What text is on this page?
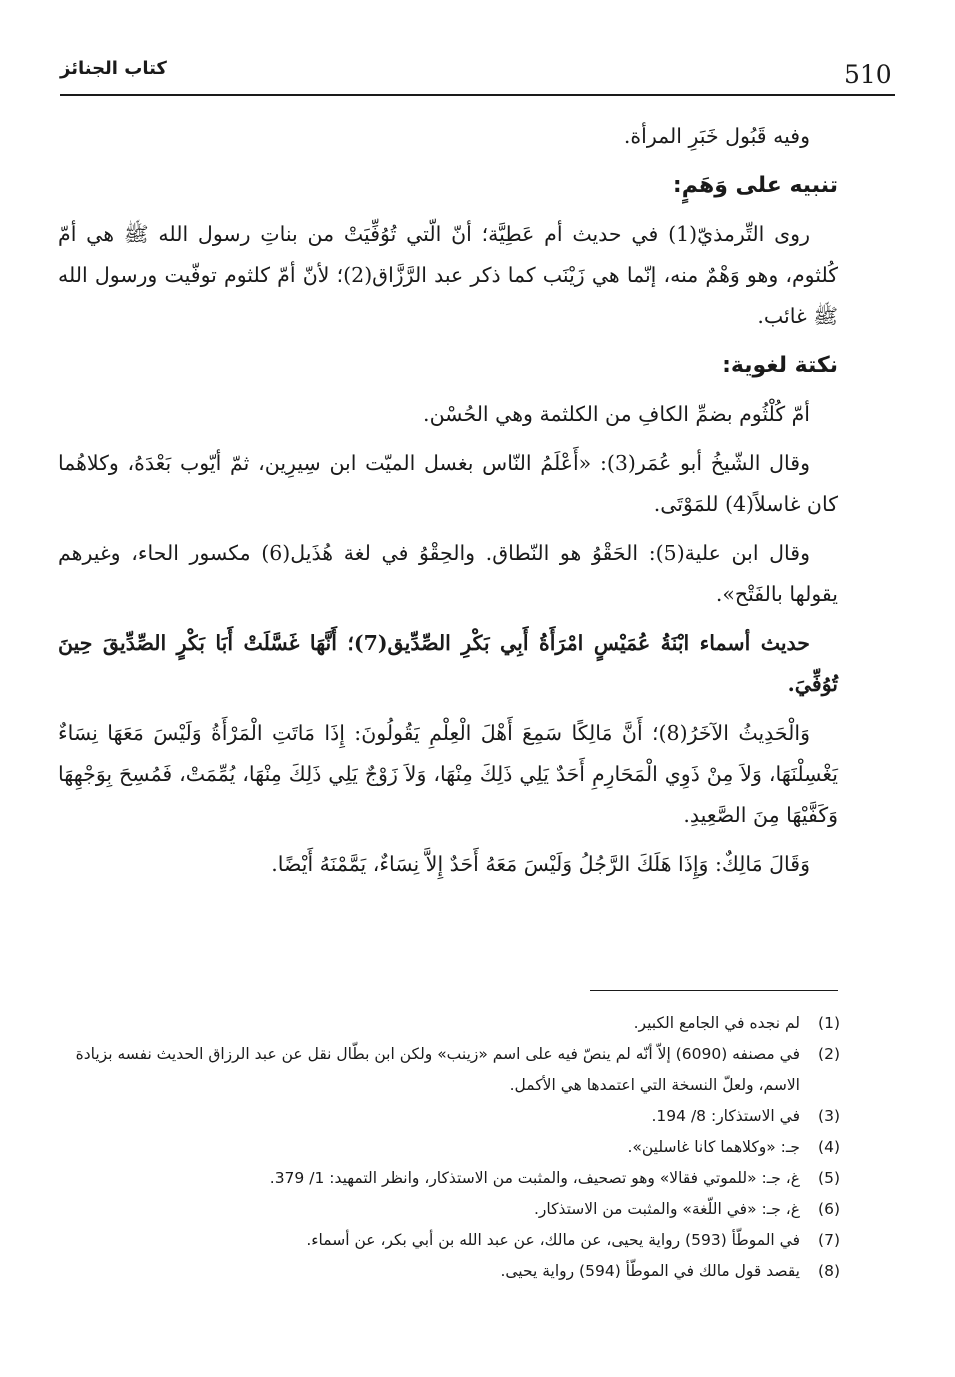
510
كتاب الجنائز

وفيه قَبُول خَبَرِ المرأة.

تنبيه على وَهَمٍ:

روى التِّرمذيّ(1) في حديث أم عَطِيَّة؛ أنّ الّتي تُوُفِّيَتْ من بناتِ رسول الله ﷺ هي أمّ كُلثوم، وهو وَهْمٌ منه، إنّما هي زَيْنَب كما ذكر عبد الرَّزَّاق(2)؛ لأنّ أمّ كلثوم توفّيت ورسول الله ﷺ غائب.

نكتة لغوية:

أمّ كُلْثُوم بضمِّ الكافِ من الكلثمة وهي الحُسْن.

وقال الشّيخُ أبو عُمَر(3): «أَعْلَمُ النّاس بغسل الميّت ابن سِيرِين، ثمّ أيّوب بَعْدَهُ، وكلاهُما كان غاسلاً(4) للمَوْتَى.

وقال ابن علية(5): الحَقْوُ هو النّطاق. والحِقْوُ في لغة هُذَيل(6) مكسور الحاء، وغيرهم يقولها بالفَتْح».

حديث أسماء ابْنَةُ عُمَيْسٍ امْرَأَةُ أَبِي بَكْرِ الصِّدِّيق(7)؛ أَنَّهَا غَسَّلَتْ أَبَا بَكْرٍ الصِّدِّيقَ حِينَ تُوُفِّيَ.

وَالْحَدِيثُ الآخَرُ(8)؛ أَنَّ مَالِكًا سَمِعَ أَهْلَ الْعِلْمِ يَقُولُونَ: إِذَا مَاتَتِ الْمَرْأَةُ وَلَيْسَ مَعَهَا نِسَاءٌ يَغْسِلْنَهَا، وَلاَ مِنْ ذَوِي الْمَحَارِمِ أَحَدٌ يَلِي ذَلِكَ مِنْهَا، وَلاَ زَوْجٌ يَلِي ذَلِكَ مِنْهَا، يُمِّمَتْ، فَمُسِحَ بِوَجْهِهَا وَكَفَّيْهَا مِنَ الصَّعِيدِ.

وَقَالَ مَالِكٌ: وَإِذَا هَلَكَ الرَّجُلُ وَلَيْسَ مَعَهُ أَحَدٌ إِلاَّ نِسَاءٌ، يَمَّمْنَهُ أَيْضًا.

(1)
لم نجده في الجامع الكبير.
(2)
في مصنفه (6090) إلاّ أنّه لم ينصّ فيه على اسم «زينب» ولكن ابن بطّال نقل عن عبد الرزاق الحديث نفسه بزيادة الاسم، ولعلّ النسخة التي اعتمدها هي الأكمل.
(3)
في الاستذكار: 8/ 194.
(4)
جـ: «وكلاهما كانا غاسلين».
(5)
غ، جـ: «للموتي فقالا» وهو تصحيف، والمثبت من الاستذكار، وانظر التمهيد: 1/ 379.
(6)
غ، جـ: «في اللّغة» والمثبت من الاستذكار.
(7)
في الموطّأ (593) رواية يحيى، عن مالك، عن عبد الله بن أبي بكر، عن أسماء.
(8)
يقصد قول مالك في الموطّأ (594) رواية يحيى.
